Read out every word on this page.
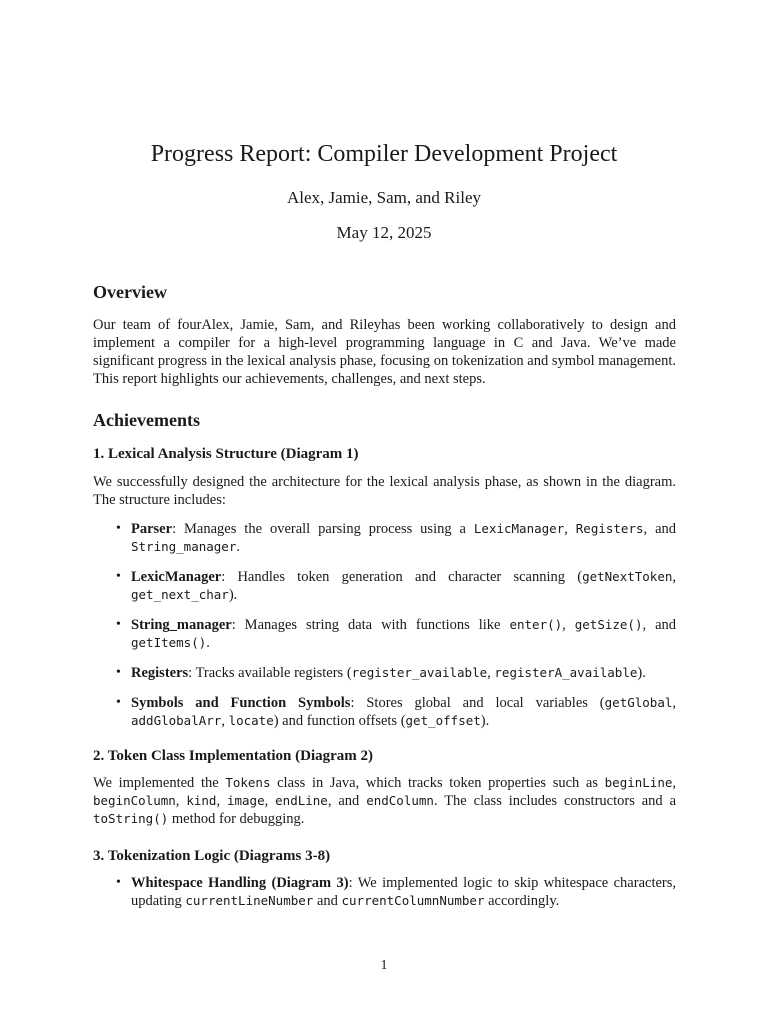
Progress Report: Compiler Development Project
Alex, Jamie, Sam, and Riley
May 12, 2025
Overview

Our team of fourAlex, Jamie, Sam, and Rileyhas been working collaboratively to design and implement a compiler for a high-level programming language in C and Java. We’ve made significant progress in the lexical analysis phase, focusing on tokenization and symbol management. This report highlights our achievements, challenges, and next steps.

Achievements
1. Lexical Analysis Structure (Diagram 1)

We successfully designed the architecture for the lexical analysis phase, as shown in the diagram. The structure includes:

• Parser: Manages the overall parsing process using a LexicManager, Registers, and String_manager.
• LexicManager: Handles token generation and character scanning (getNextToken, get_next_char).
• String_manager: Manages string data with functions like enter(), getSize(), and getItems().
• Registers: Tracks available registers (register_available, registerA_available).
• Symbols and Function Symbols: Stores global and local variables (getGlobal, addGlobalArr, locate) and function offsets (get_offset).
2. Token Class Implementation (Diagram 2)

We implemented the Tokens class in Java, which tracks token properties such as beginLine, beginColumn, kind, image, endLine, and endColumn. The class includes constructors and a toString() method for debugging.

3. Tokenization Logic (Diagrams 3-8)
• Whitespace Handling (Diagram 3): We implemented logic to skip whitespace characters, updating currentLineNumber and currentColumnNumber accordingly.
1
